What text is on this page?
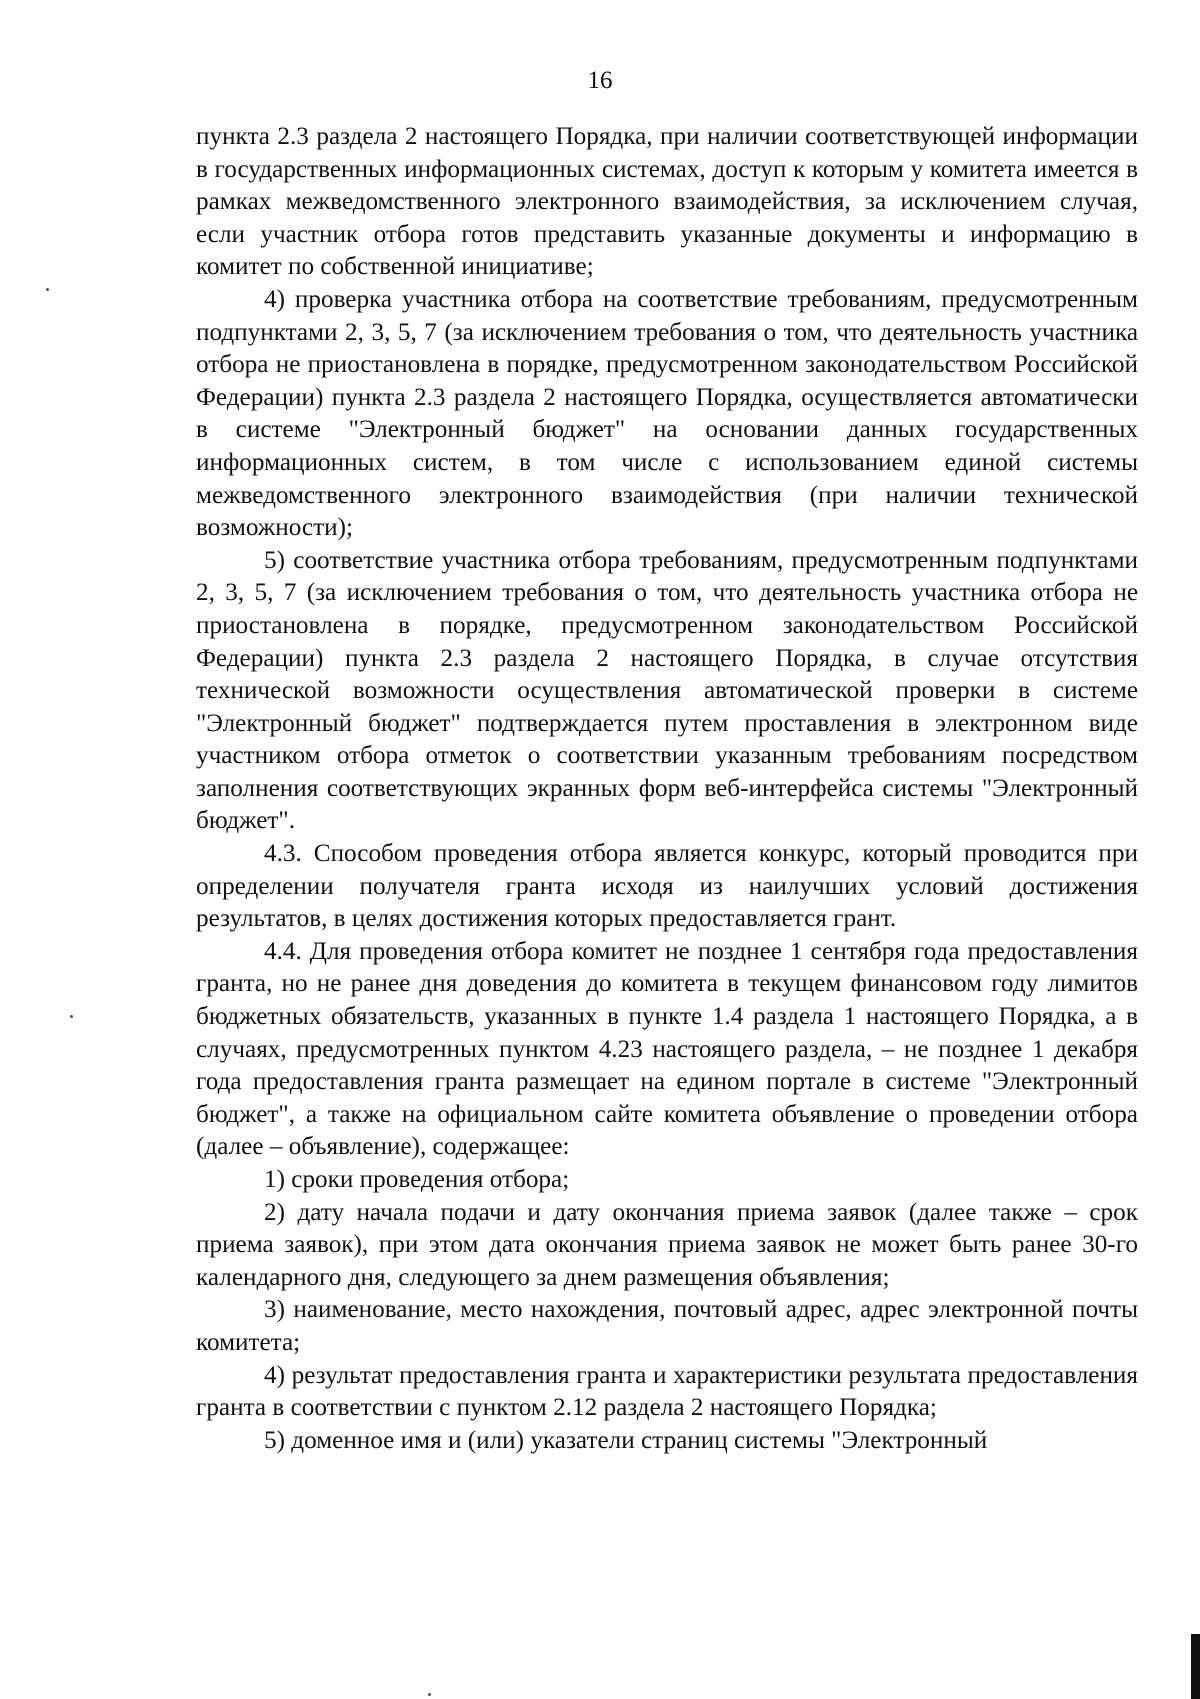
16

пункта 2.3 раздела 2 настоящего Порядка, при наличии соответствующей информации в государственных информационных системах, доступ к которым у комитета имеется в рамках межведомственного электронного взаимодействия, за исключением случая, если участник отбора готов представить указанные документы и информацию в комитет по собственной инициативе;

4) проверка участника отбора на соответствие требованиям, предусмотренным подпунктами 2, 3, 5, 7 (за исключением требования о том, что деятельность участника отбора не приостановлена в порядке, предусмотренном законодательством Российской Федерации) пункта 2.3 раздела 2 настоящего Порядка, осуществляется автоматически в системе "Электронный бюджет" на основании данных государственных информационных систем, в том числе с использованием единой системы межведомственного электронного взаимодействия (при наличии технической возможности);

5) соответствие участника отбора требованиям, предусмотренным подпунктами 2, 3, 5, 7 (за исключением требования о том, что деятельность участника отбора не приостановлена в порядке, предусмотренном законодательством Российской Федерации) пункта 2.3 раздела 2 настоящего Порядка, в случае отсутствия технической возможности осуществления автоматической проверки в системе "Электронный бюджет" подтверждается путем проставления в электронном виде участником отбора отметок о соответствии указанным требованиям посредством заполнения соответствующих экранных форм веб-интерфейса системы "Электронный бюджет".

4.3. Способом проведения отбора является конкурс, который проводится при определении получателя гранта исходя из наилучших условий достижения результатов, в целях достижения которых предоставляется грант.

4.4. Для проведения отбора комитет не позднее 1 сентября года предоставления гранта, но не ранее дня доведения до комитета в текущем финансовом году лимитов бюджетных обязательств, указанных в пункте 1.4 раздела 1 настоящего Порядка, а в случаях, предусмотренных пунктом 4.23 настоящего раздела, – не позднее 1 декабря года предоставления гранта размещает на едином портале в системе "Электронный бюджет", а также на официальном сайте комитета объявление о проведении отбора (далее – объявление), содержащее:

1) сроки проведения отбора;

2) дату начала подачи и дату окончания приема заявок (далее также – срок приема заявок), при этом дата окончания приема заявок не может быть ранее 30-го календарного дня, следующего за днем размещения объявления;

3) наименование, место нахождения, почтовый адрес, адрес электронной почты комитета;

4) результат предоставления гранта и характеристики результата предоставления гранта в соответствии с пунктом 2.12 раздела 2 настоящего Порядка;

5) доменное имя и (или) указатели страниц системы "Электронный
